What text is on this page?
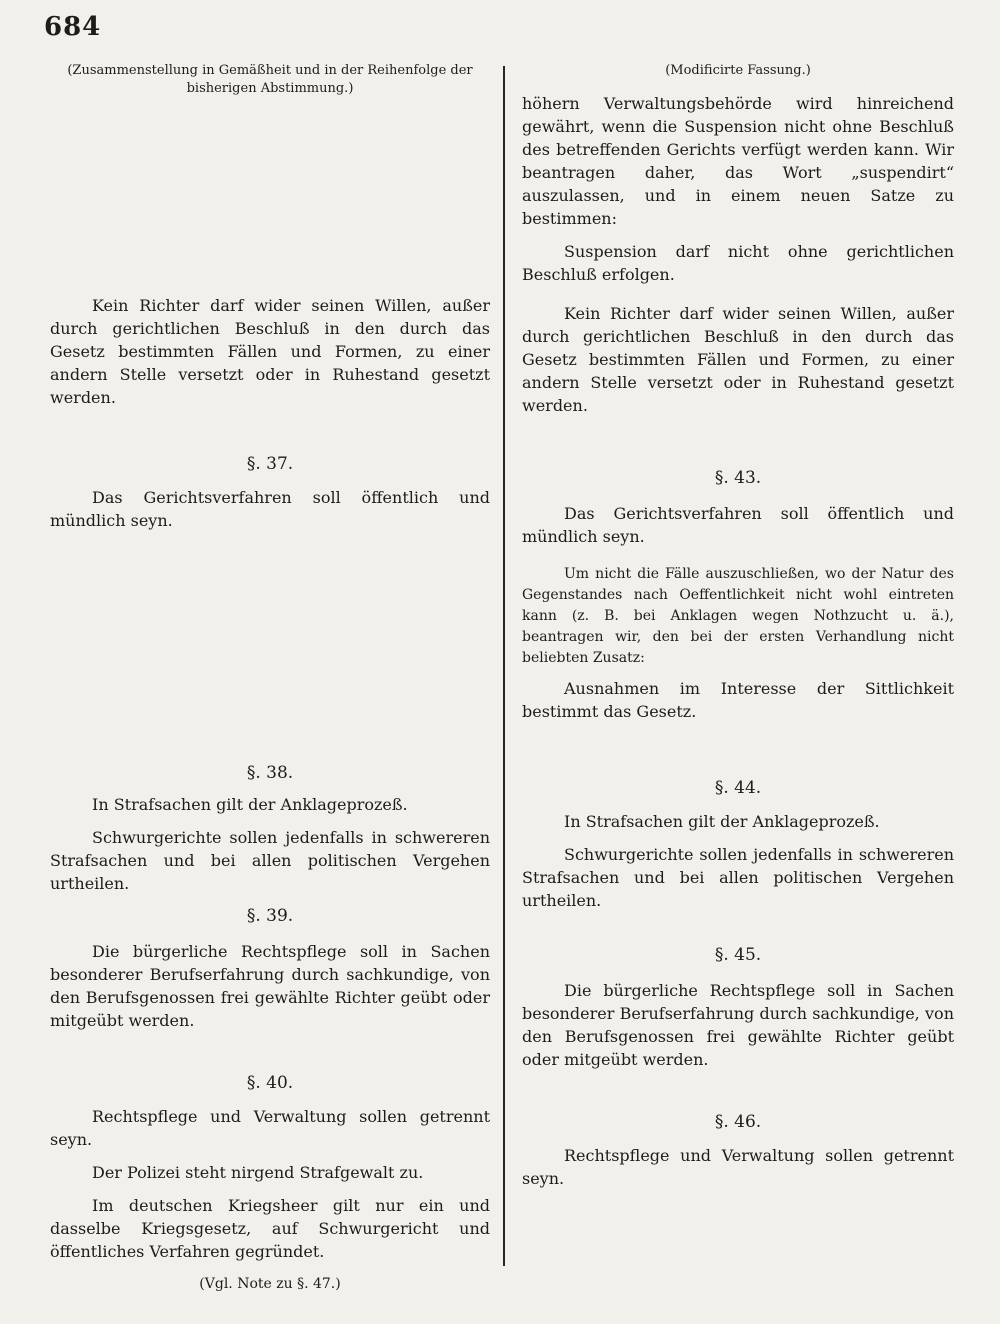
684
(Zusammenstellung in Gemäßheit und in der Reihenfolge der bisherigen Abstimmung.)

Kein Richter darf wider seinen Willen, außer durch gerichtlichen Beschluß in den durch das Gesetz bestimmten Fällen und Formen, zu einer andern Stelle versetzt oder in Ruhestand gesetzt werden.

§. 37.

Das Gerichtsverfahren soll öffentlich und mündlich seyn.

§. 38.

In Strafsachen gilt der Anklageprozeß.

Schwurgerichte sollen jedenfalls in schwereren Strafsachen und bei allen politischen Vergehen urtheilen.

§. 39.

Die bürgerliche Rechtspflege soll in Sachen besonderer Berufserfahrung durch sachkundige, von den Berufsgenossen frei gewählte Richter geübt oder mitgeübt werden.

§. 40.

Rechtspflege und Verwaltung sollen getrennt seyn.

Der Polizei steht nirgend Strafgewalt zu.

Im deutschen Kriegsheer gilt nur ein und dasselbe Kriegsgesetz, auf Schwurgericht und öffentliches Verfahren gegründet.

(Vgl. Note zu §. 47.)

(Modificirte Fassung.)

höhern Verwaltungsbehörde wird hinreichend gewährt, wenn die Suspension nicht ohne Beschluß des betreffenden Gerichts verfügt werden kann. Wir beantragen daher, das Wort „suspendirt“ auszulassen, und in einem neuen Satze zu bestimmen:

Suspension darf nicht ohne gerichtlichen Beschluß erfolgen.

Kein Richter darf wider seinen Willen, außer durch gerichtlichen Beschluß in den durch das Gesetz bestimmten Fällen und Formen, zu einer andern Stelle versetzt oder in Ruhestand gesetzt werden.

§. 43.

Das Gerichtsverfahren soll öffentlich und mündlich seyn.

Um nicht die Fälle auszuschließen, wo der Natur des Gegenstandes nach Oeffentlichkeit nicht wohl eintreten kann (z. B. bei Anklagen wegen Nothzucht u. ä.), beantragen wir, den bei der ersten Verhandlung nicht beliebten Zusatz:

Ausnahmen im Interesse der Sittlichkeit bestimmt das Gesetz.

§. 44.

In Strafsachen gilt der Anklageprozeß.

Schwurgerichte sollen jedenfalls in schwereren Strafsachen und bei allen politischen Vergehen urtheilen.

§. 45.

Die bürgerliche Rechtspflege soll in Sachen besonderer Berufserfahrung durch sachkundige, von den Berufsgenossen frei gewählte Richter geübt oder mitgeübt werden.

§. 46.

Rechtspflege und Verwaltung sollen getrennt seyn.
